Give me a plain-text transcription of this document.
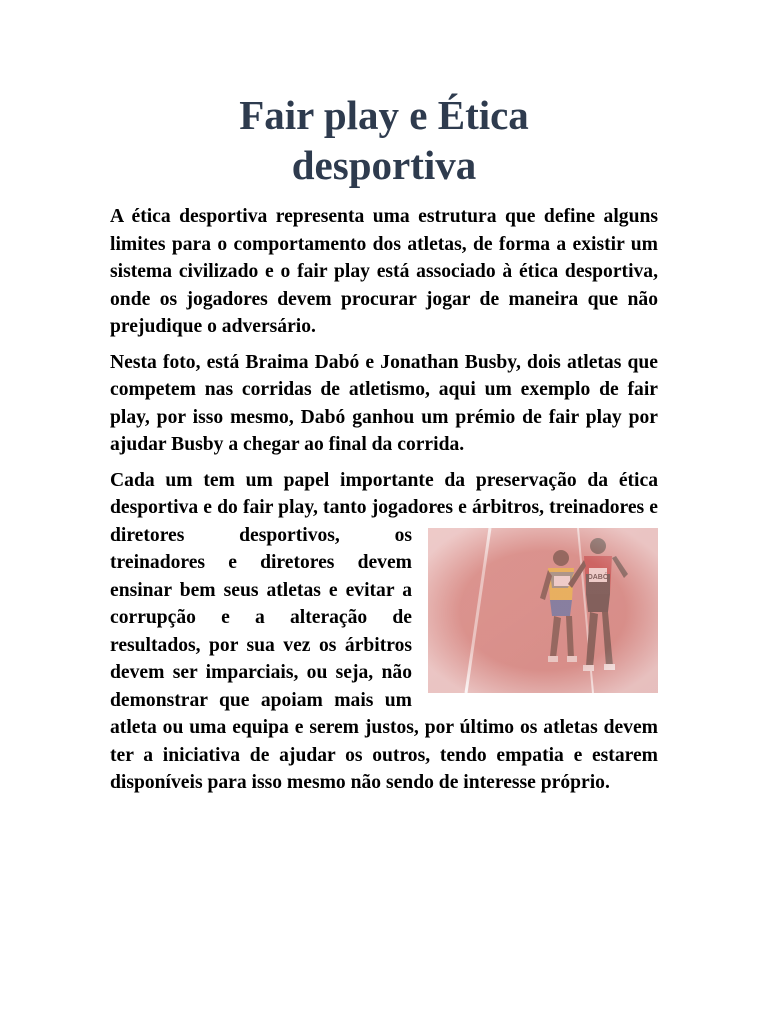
Fair play e Ética
desportiva

A ética desportiva representa uma estrutura que define alguns limites para o comportamento dos atletas, de forma a existir um sistema civilizado e o fair play está associado à ética desportiva, onde os jogadores devem procurar jogar de maneira que não prejudique o adversário.

Nesta foto, está Braima Dabó e Jonathan Busby, dois atletas que competem nas corridas de atletismo, aqui um exemplo de fair play, por isso mesmo, Dabó ganhou um prémio de fair play por ajudar Busby a chegar ao final da corrida.

Cada um tem um papel importante da preservação da ética desportiva e do fair play, tanto jogadores e árbitros, treinadores e diretores desportivos, os treinadores e diretores devem ensinar bem seus atletas e evitar a corrupção e a alteração de resultados, por sua vez os árbitros devem ser imparciais, ou seja, não demonstrar que apoiam mais um atleta ou uma equipa e serem justos, por último os atletas devem ter a iniciativa de ajudar os outros, tendo empatia e estarem disponíveis para isso mesmo não sendo de interesse próprio.
